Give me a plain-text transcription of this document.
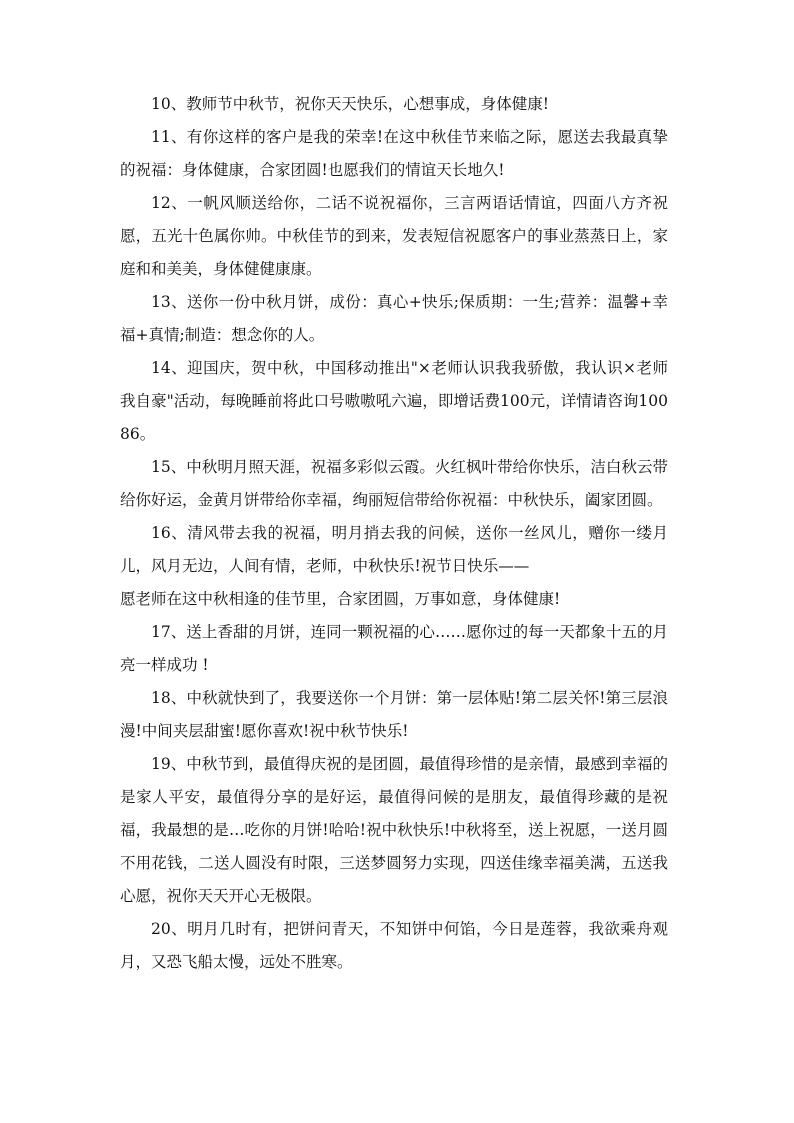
10、教师节中秋节，祝你天天快乐，心想事成，身体健康!

11、有你这样的客户是我的荣幸!在这中秋佳节来临之际，愿送去我最真挚的祝福：身体健康，合家团圆!也愿我们的情谊天长地久!

12、一帆风顺送给你，二话不说祝福你，三言两语话情谊，四面八方齐祝愿，五光十色属你帅。中秋佳节的到来，发表短信祝愿客户的事业蒸蒸日上，家庭和和美美，身体健健康康。

13、送你一份中秋月饼，成份：真心+快乐;保质期：一生;营养：温馨+幸福+真情;制造：想念你的人。

14、迎国庆，贺中秋，中国移动推出"×老师认识我我骄傲，我认识×老师我自豪"活动，每晚睡前将此口号嗷嗷吼六遍，即增话费100元，详情请咨询10086。

15、中秋明月照天涯，祝福多彩似云霞。火红枫叶带给你快乐，洁白秋云带给你好运，金黄月饼带给你幸福，绚丽短信带给你祝福：中秋快乐，阖家团圆。

16、清风带去我的祝福，明月捎去我的问候，送你一丝风儿，赠你一缕月儿，风月无边，人间有情，老师，中秋快乐!祝节日快乐——
愿老师在这中秋相逢的佳节里，合家团圆，万事如意，身体健康!

17、送上香甜的月饼，连同一颗祝福的心……愿你过的每一天都象十五的月亮一样成功 !

18、中秋就快到了，我要送你一个月饼：第一层体贴!第二层关怀!第三层浪漫!中间夹层甜蜜!愿你喜欢!祝中秋节快乐!

19、中秋节到，最值得庆祝的是团圆，最值得珍惜的是亲情，最感到幸福的是家人平安，最值得分享的是好运，最值得问候的是朋友，最值得珍藏的是祝福，我最想的是…吃你的月饼!哈哈!祝中秋快乐!中秋将至，送上祝愿，一送月圆不用花钱，二送人圆没有时限，三送梦圆努力实现，四送佳缘幸福美满，五送我心愿，祝你天天开心无极限。

20、明月几时有，把饼问青天，不知饼中何馅，今日是莲蓉，我欲乘舟观月，又恐飞船太慢，远处不胜寒。
